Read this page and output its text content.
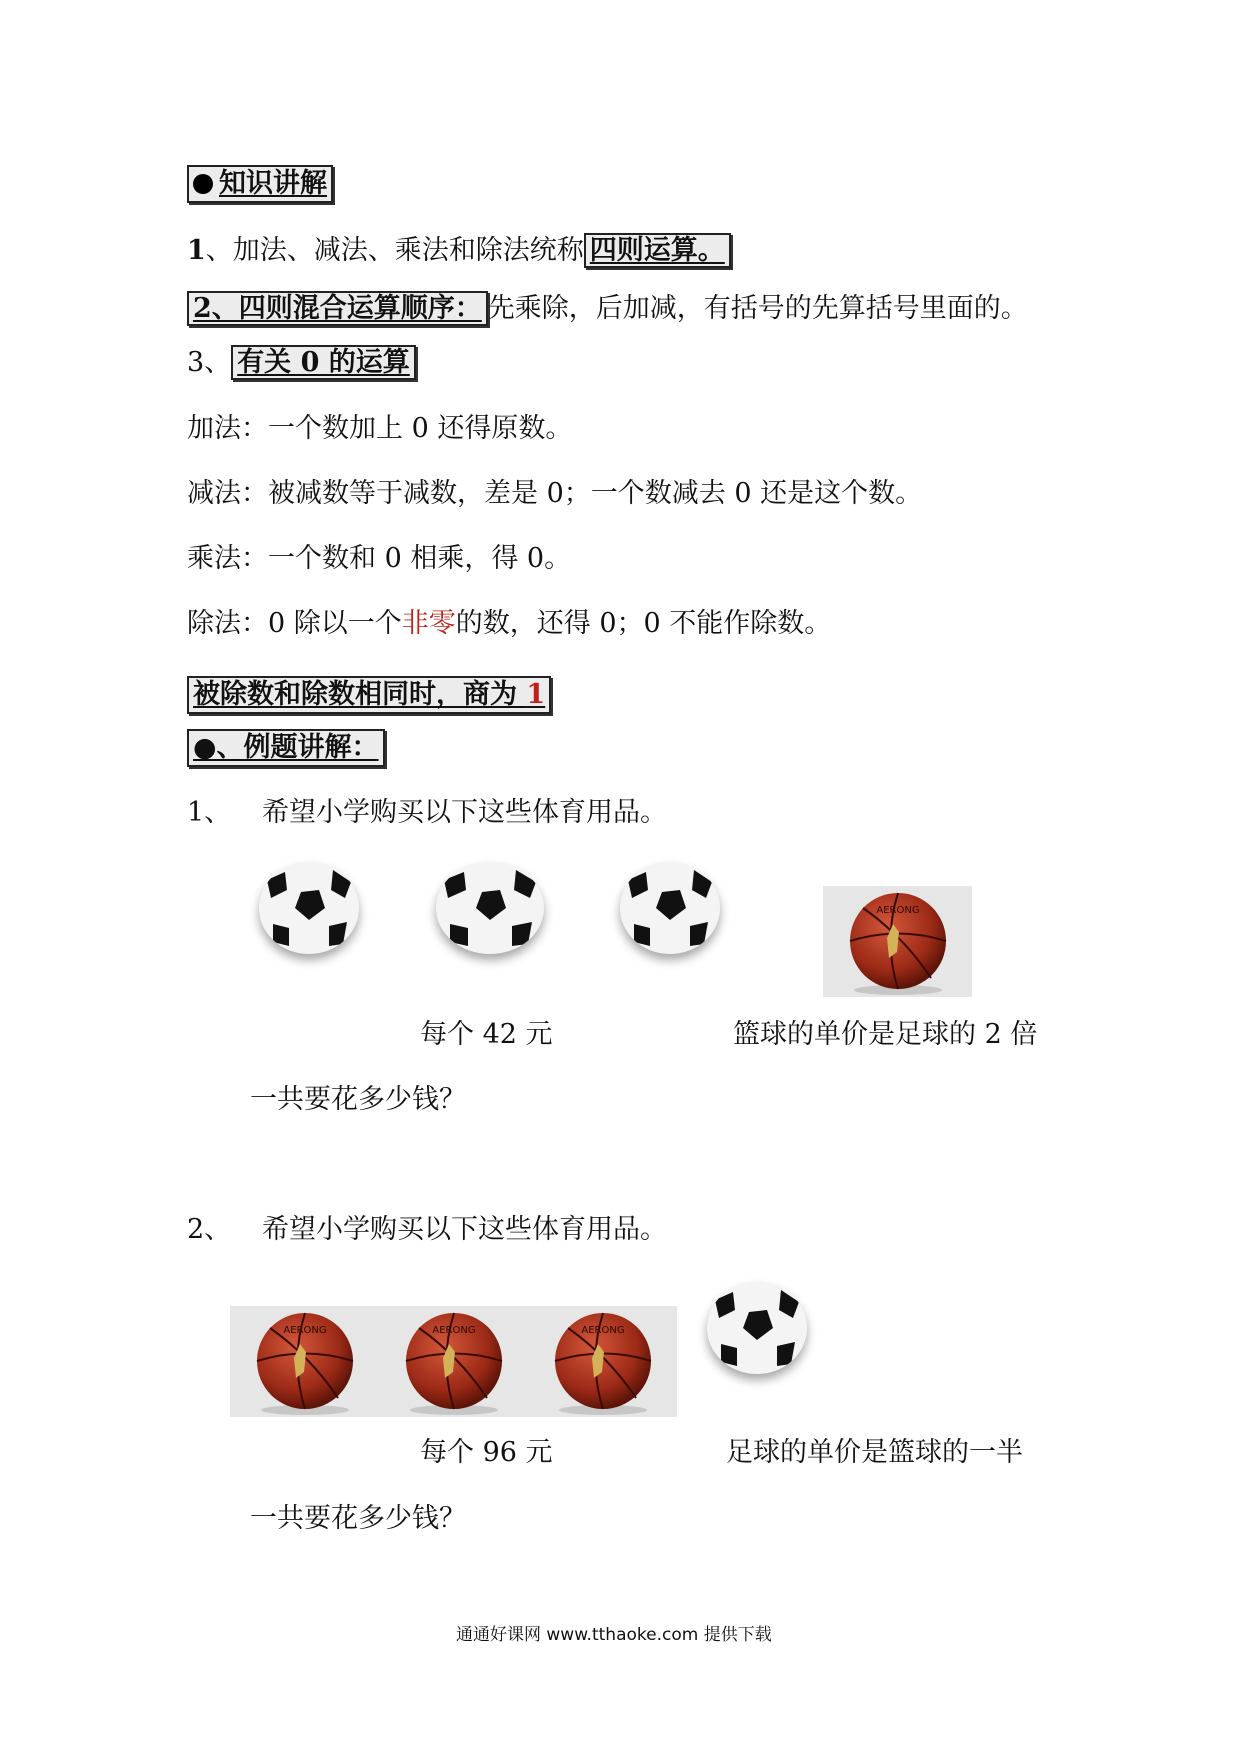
知识讲解
1、加法、减法、乘法和除法统称 四则运算。
2、四则混合运算顺序： 先乘除，后加减，有括号的先算括号里面的。
3、 有关 0 的运算
加法：一个数加上 0 还得原数。
减法：被减数等于减数，差是 0；一个数减去 0 还是这个数。
乘法：一个数和 0 相乘，得 0。
除法：0 除以一个非零的数，还得 0；0 不能作除数。
被除数和除数相同时，商为 1
●、例题讲解：
1、 希望小学购买以下这些体育用品。
AERONG
每个 42 元	篮球的单价是足球的 2 倍
一共要花多少钱？
2、 希望小学购买以下这些体育用品。
AERONG	AERONG	AERONG
每个 96 元	足球的单价是篮球的一半
一共要花多少钱？
通通好课网 www.tthaoke.com 提供下载
